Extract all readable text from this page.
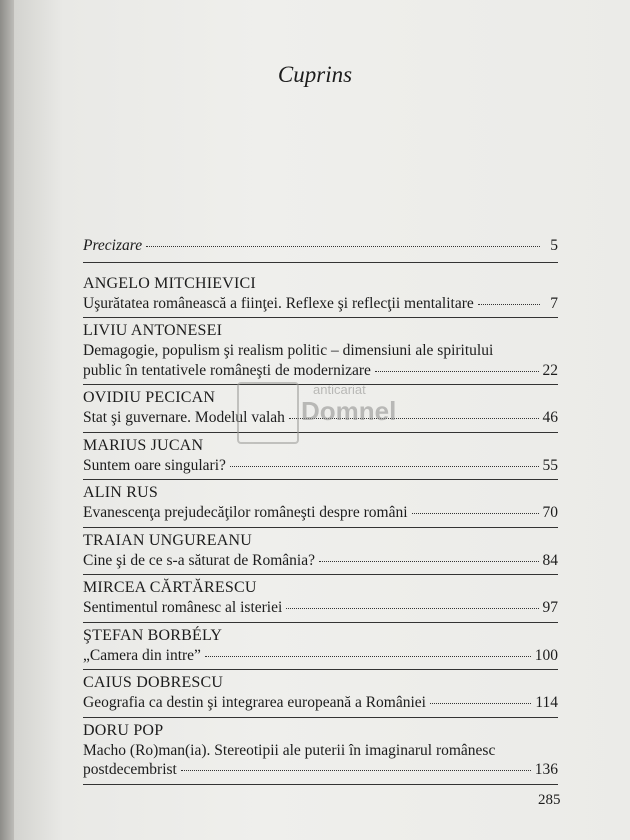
Cuprins
Precizare	5
ANGELO MITCHIEVICI
Uşurătatea românească a fiinţei. Reflexe şi reflecţii mentalitare	7
LIVIU ANTONESEI
Demagogie, populism şi realism politic – dimensiuni ale spiritului
public în tentativele româneşti de modernizare	22
OVIDIU PECICAN
Stat şi guvernare. Modelul valah	46
MARIUS JUCAN
Suntem oare singulari?	55
ALIN RUS
Evanescenţa prejudecăţilor româneşti despre români	70
TRAIAN UNGUREANU
Cine şi de ce s-a săturat de România?	84
MIRCEA CĂRTĂRESCU
Sentimentul românesc al isteriei	97
ŞTEFAN BORBÉLY
„Camera din intre”	100
CAIUS DOBRESCU
Geografia ca destin şi integrarea europeană a României	114
DORU POP
Macho (Ro)man(ia). Stereotipii ale puterii în imaginarul românesc
postdecembrist	136
anticariat
Domnel
285
